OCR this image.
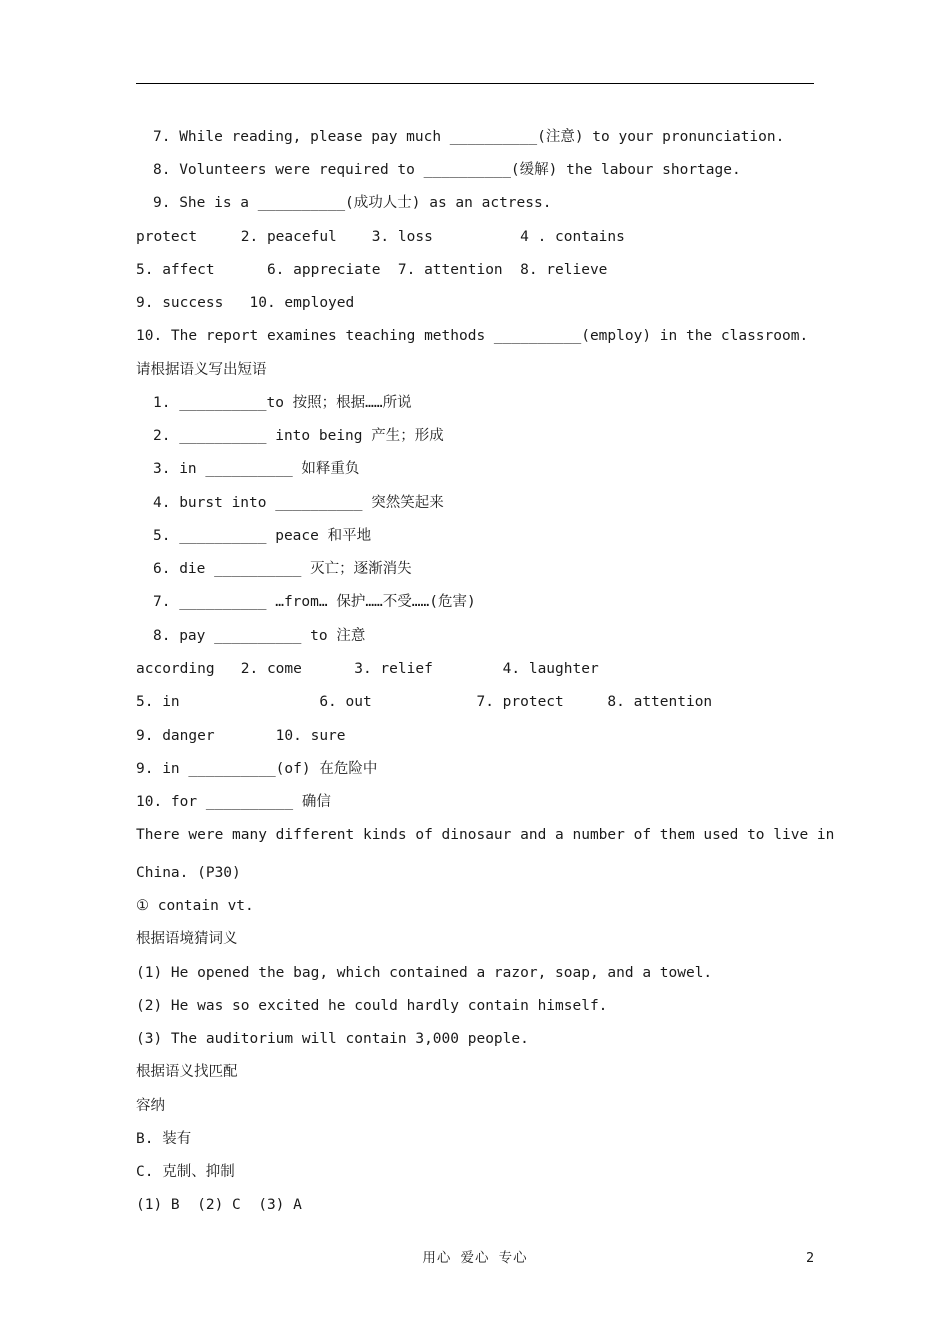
7. While reading, please pay much __________(注意) to your pronunciation.
8. Volunteers were required to __________(缓解) the labour shortage.
9. She is a __________(成功人士) as an actress.
protect     2. peaceful    3. loss          4 . contains
5. affect      6. appreciate  7. attention  8. relieve
9. success   10. employed
10. The report examines teaching methods __________(employ) in the classroom.
请根据语义写出短语
1. __________to 按照；根据……所说
2. __________ into being 产生；形成
3. in __________ 如释重负
4. burst into __________ 突然笑起来
5. __________ peace 和平地
6. die __________ 灭亡；逐渐消失
7. __________ …from… 保护……不受……(危害)
8. pay __________ to 注意
according   2. come      3. relief        4. laughter
5. in                6. out            7. protect     8. attention
9. danger       10. sure
9. in __________(of) 在危险中
10. for __________ 确信
There were many different kinds of dinosaur and a number of them used to live in
China. (P30)
① contain vt.
根据语境猜词义
(1) He opened the bag, which contained a razor, soap, and a towel.
(2) He was so excited he could hardly contain himself.
(3) The auditorium will contain 3,000 people.
根据语义找匹配
容纳
B. 装有
C. 克制、抑制
(1) B  (2) C  (3) A
用心 爱心 专心	2
